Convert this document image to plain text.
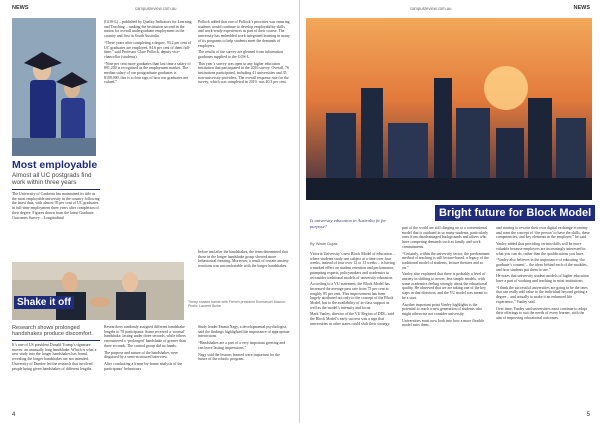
NEWS	campusreview.com.au
Most employable
Almost all UC postgrads find work within three years

The University of Canberra has maintained its title as the most employable university in the country following the latest data, with almost 95 per cent of UC graduates in full-time employment three years after completion of their degree. Figures drawn from the latest Graduate Outcomes Survey – Longitudinal

(GOS-L) – published by Quality Indicators for Learning and Teaching – ranking the institution second in the nation for overall undergraduate employment in the country and first in South Australia.

“These years after completing a degree, 93.2 per cent of UC graduates are employed, 94.6 per cent of them full-time,” said Professor Clare Pollock, deputy vice-chancellor (students).

“Nine per cent more graduates than last time a salary of $91,200 is recognised as the employment market. The median salary of our postgraduate graduates is $109,000, this is a clear sign of how our graduates are valued.”

Pollock added that one of Pollock’s priorities was ensuring students would continue to develop employability skills and work-ready experiences as part of their course. The university has embedded work-integrated learning in many of its programs to help students meet the demands of employers.

The results of the survey are gleaned from information graduates supplied to the GOS-L.

This year’s survey was open to any higher education institution that participated in the 2016 survey. Overall, 76 institutions participated, including 41 universities and 35 non-university providers. The overall response rate for the survey, which was completed in 2019, was 40.3 per cent.

Shake it off	Trump shakes hands with French president Emmanuel Macron. Photo: Laurent Burke
Research shows prolonged handshakes produce discomfort.

It’s one of US president Donald Trump’s signature moves: an unusually long handshake. Which is what a new study into the longer handshakes has found, revealing the longer handshakes are not intended. University of Dundee led the research that involved people being given handshakes of different lengths.

Researchers randomly assigned different handshake lengths to 78 participants. Some received a ‘normal’ handshake, lasting under three seconds, while others encountered a ‘prolonged’ handshake of greater than three seconds. The control group did no hands.

The purpose and nature of the handshakes were disguised by a semi-structured interview.

After conducting a frame-by-frame analysis of the participants’ behaviours

before and after the handshakes, the team determined that those in the longer handshake group showed more behavioural freezing. Moreover, a result of certain anxiety reactions was uncomfortable with the longer handshakes.

Study leader Emma Nagy, a developmental psychologist, said the findings highlighted the importance of appropriate interactions.

“Handshakes are a part of a very important greeting and can leave lasting impressions.”

Nagy said the lessons learned were important for the future of the robotic program.

4
campusreview.com.au	NEWS
Bright future for Block Model
Is university education in Australia fit for purpose?
By Wade Dujas

Victoria University’s new Block Model of education – where students study one subject at a time over four weeks, instead of four over 12 or 13 weeks – is having a marked effect on student retention and performance, prompting experts, policymakers and academics to reconsider traditional models of university education.

According to a VU statement, the Block Model has increased the average pass rate from 75 per cent to roughly 85 per cent. This improvement has been largely attributed not only to the concept of the Block Model, but to the availability of in-class support as well as the model’s intensity and focus.

Mark Vanley, director of the VU Region of DDL, said the Block Model’s early success was a sign that universities in other states could shift their strategy.

part of the world are still clinging on to a conventional model that is outdated in so many students, particularly ones from disadvantaged backgrounds and others who have competing demands such as family and work commitments.

“Certainly, within the university sector, the predominant method of teaching is still lecture-based, a legacy of the traditional model of students, lecture theatres and so on.”

Vanley also explained that there is probably a level of anxiety in shifting to newer, less simple models, with some academics feeling strongly about the educational quality. He observed that we are taking one of the key steps in that direction, and the VU model was meant to be a start.

Another important point Vanley highlights is the potential to reach a new generation of students who might otherwise not consider university.

Universities must now look into how a more flexible model suits them.

and starting to rewrite their own digital exchange economy and want the concept of ‘the person’ to have the skills, these competencies, and key elements in the employer,” he said.

Vanley added that providing certain skills will be more valuable because employers are increasingly interested in what you can do, rather than the qualifications you have.

“Vanley also believes in the importance of educating ‘the graduate’s content’ – the ideas behind each of the modules, and how students put them to use.”

He notes that university student models of higher education have a part of working and teaching in most institutions.

“I think the successful universities are going to be the ones that can really add value to the individual beyond getting a degree – and actually to make it an enhanced life experience,” Vanley said.

Over time, Vanley said universities must continue to adapt their offerings to suit the needs of every learner, with the aim of improving educational outcomes.

5
